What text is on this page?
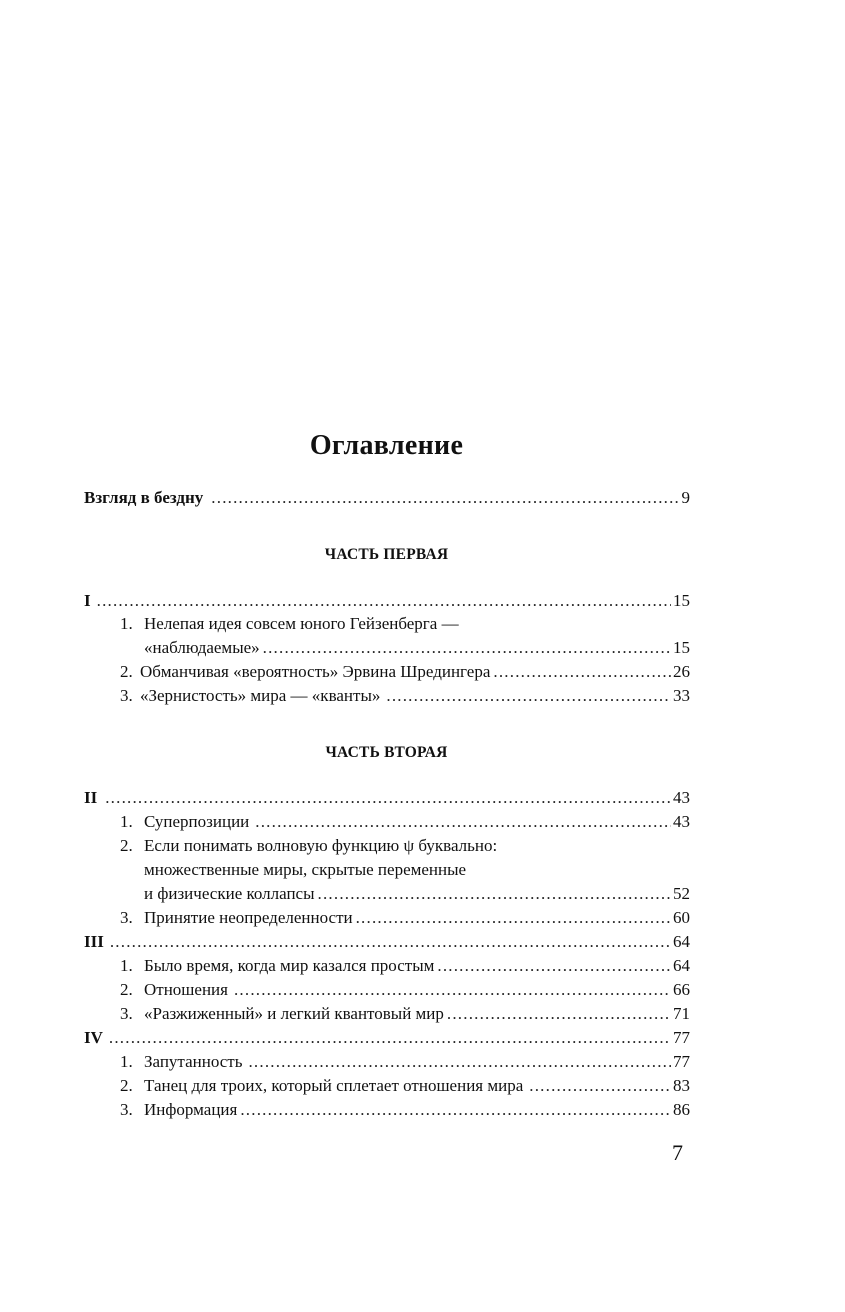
Оглавление
Взгляд в бездну .....	9
ЧАСТЬ ПЕРВАЯ
I .....	15
1. Нелепая идея совсем юного Гейзенберга —
«наблюдаемые» .....	15
2. Обманчивая «вероятность» Эрвина Шредингера .....	26
3. «Зернистость» мира — «кванты» .....	33
ЧАСТЬ ВТОРАЯ
II .....	43
1. Суперпозиции .....	43
2. Если понимать волновую функцию ψ буквально:
множественные миры, скрытые переменные
и физические коллапсы .....	52
3. Принятие неопределенности .....	60
III .....	64
1. Было время, когда мир казался простым .....	64
2. Отношения .....	66
3. «Разжиженный» и легкий квантовый мир .....	71
IV .....	77
1. Запутанность .....	77
2. Танец для троих, который сплетает отношения мира .....	83
3. Информация .....	86
7
